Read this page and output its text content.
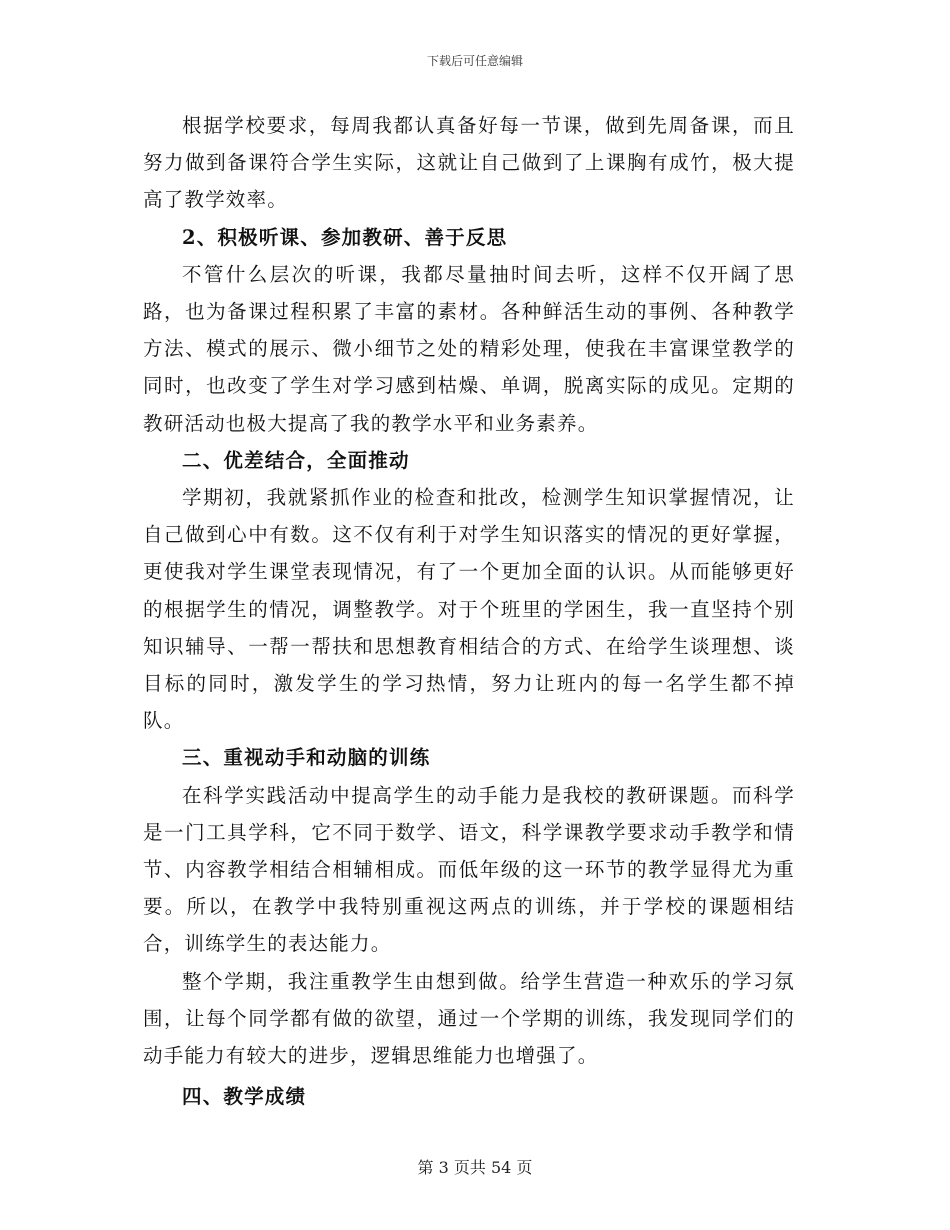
下载后可任意编辑

根据学校要求，每周我都认真备好每一节课，做到先周备课，而且努力做到备课符合学生实际，这就让自己做到了上课胸有成竹，极大提高了教学效率。

2、积极听课、参加教研、善于反思

不管什么层次的听课，我都尽量抽时间去听，这样不仅开阔了思路，也为备课过程积累了丰富的素材。各种鲜活生动的事例、各种教学方法、模式的展示、微小细节之处的精彩处理，使我在丰富课堂教学的同时，也改变了学生对学习感到枯燥、单调，脱离实际的成见。定期的教研活动也极大提高了我的教学水平和业务素养。

二、优差结合，全面推动

学期初，我就紧抓作业的检查和批改，检测学生知识掌握情况，让自己做到心中有数。这不仅有利于对学生知识落实的情况的更好掌握，更使我对学生课堂表现情况，有了一个更加全面的认识。从而能够更好的根据学生的情况，调整教学。对于个班里的学困生，我一直坚持个别知识辅导、一帮一帮扶和思想教育相结合的方式、在给学生谈理想、谈目标的同时，激发学生的学习热情，努力让班内的每一名学生都不掉队。

三、重视动手和动脑的训练

在科学实践活动中提高学生的动手能力是我校的教研课题。而科学是一门工具学科，它不同于数学、语文，科学课教学要求动手教学和情节、内容教学相结合相辅相成。而低年级的这一环节的教学显得尤为重要。所以，在教学中我特别重视这两点的训练，并于学校的课题相结合，训练学生的表达能力。

整个学期，我注重教学生由想到做。给学生营造一种欢乐的学习氛围，让每个同学都有做的欲望，通过一个学期的训练，我发现同学们的动手能力有较大的进步，逻辑思维能力也增强了。

四、教学成绩

第 3 页共 54 页
